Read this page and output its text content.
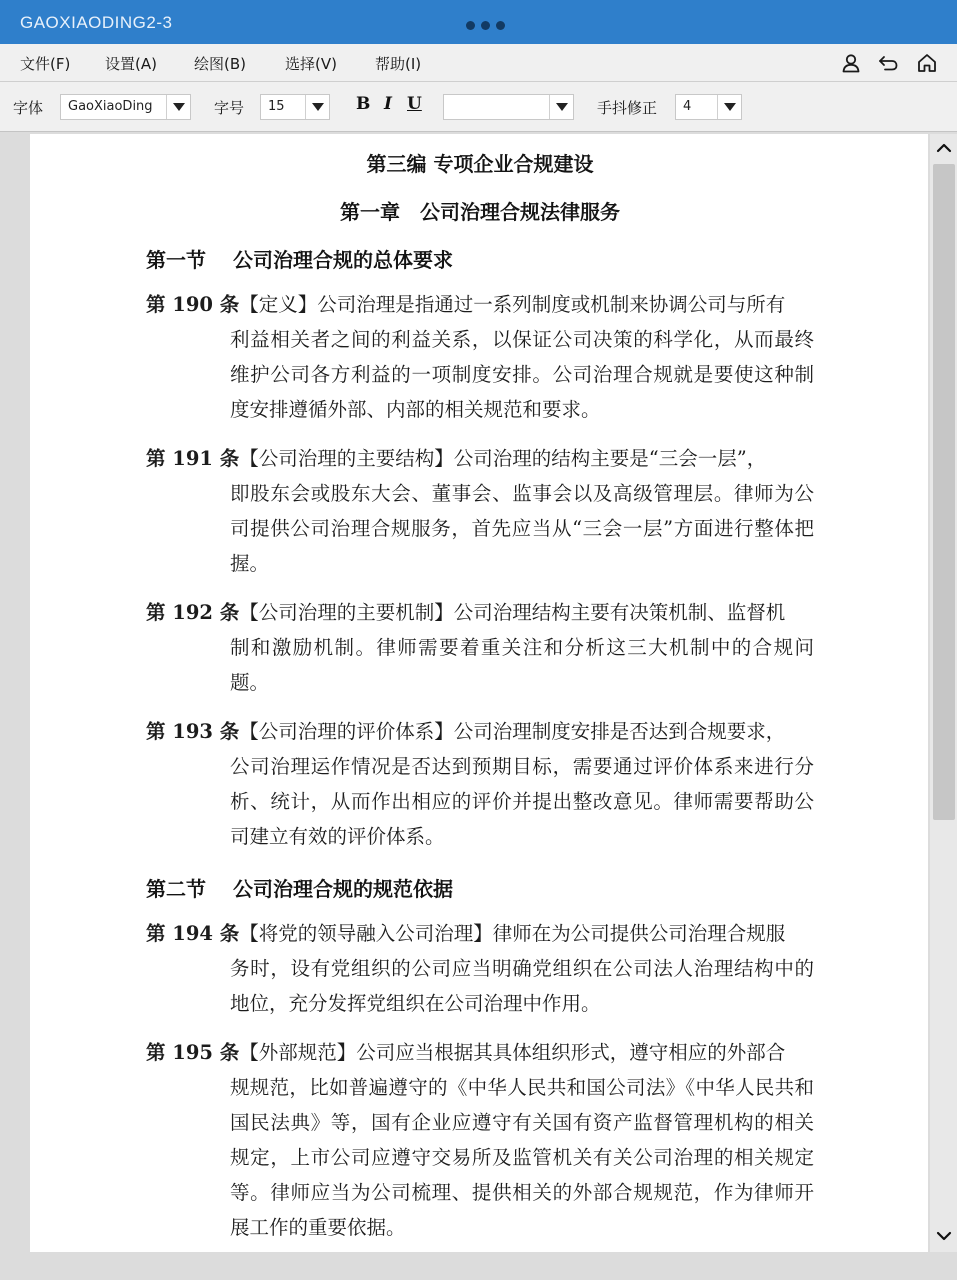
GAOXIAODING2-3
文件(F) 设置(A) 绘图(B)	选择(V)	帮助(I)
字体 GaoXiaoDing	字号 15	B I U	手抖修正 4
第三编 专项企业合规建设
第一章　公司治理合规法律服务
第一节　 公司治理合规的总体要求
第 190 条【定义】公司治理是指通过一系列制度或机制来协调公司与所有
利益相关者之间的利益关系，以保证公司决策的科学化，从而最终维护公司各方利益的一项制度安排。公司治理合规就是要使这种制度安排遵循外部、内部的相关规范和要求。
第 191 条【公司治理的主要结构】公司治理的结构主要是“三会一层”，
即股东会或股东大会、董事会、监事会以及高级管理层。律师为公司提供公司治理合规服务，首先应当从“三会一层”方面进行整体把握。
第 192 条【公司治理的主要机制】公司治理结构主要有决策机制、监督机
制和激励机制。律师需要着重关注和分析这三大机制中的合规问题。
第 193 条【公司治理的评价体系】公司治理制度安排是否达到合规要求，
公司治理运作情况是否达到预期目标，需要通过评价体系来进行分析、统计，从而作出相应的评价并提出整改意见。律师需要帮助公司建立有效的评价体系。
第二节　 公司治理合规的规范依据
第 194 条【将党的领导融入公司治理】律师在为公司提供公司治理合规服
务时，设有党组织的公司应当明确党组织在公司法人治理结构中的地位，充分发挥党组织在公司治理中作用。
第 195 条【外部规范】公司应当根据其具体组织形式，遵守相应的外部合
规规范，比如普遍遵守的《中华人民共和国公司法》《中华人民共和国民法典》等，国有企业应遵守有关国有资产监督管理机构的相关规定，上市公司应遵守交易所及监管机关有关公司治理的相关规定等。律师应当为公司梳理、提供相关的外部合规规范，作为律师开展工作的重要依据。
